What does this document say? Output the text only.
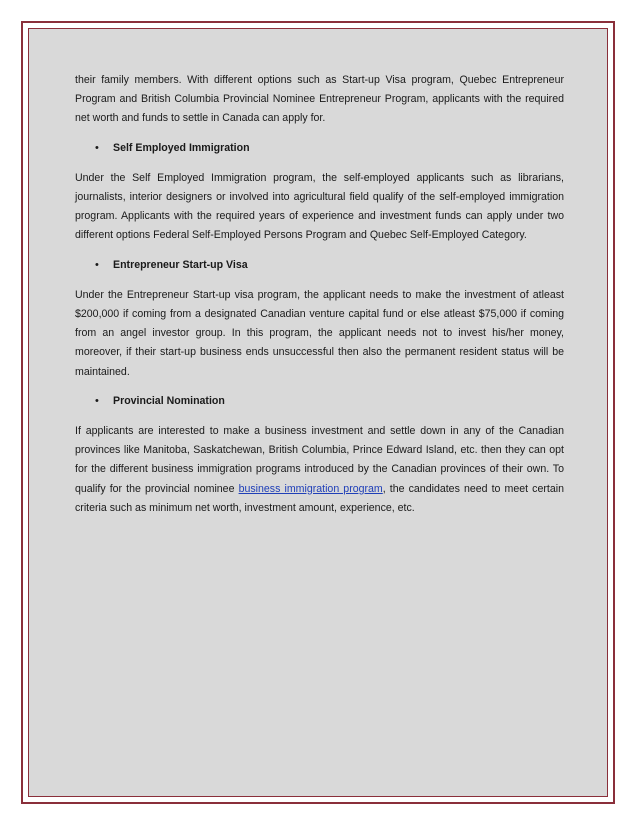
their family members. With different options such as Start-up Visa program, Quebec Entrepreneur Program and British Columbia Provincial Nominee Entrepreneur Program, applicants with the required net worth and funds to settle in Canada can apply for.

• Self Employed Immigration

Under the Self Employed Immigration program, the self-employed applicants such as librarians, journalists, interior designers or involved into agricultural field qualify of the self-employed immigration program. Applicants with the required years of experience and investment funds can apply under two different options Federal Self-Employed Persons Program and Quebec Self-Employed Category.

• Entrepreneur Start-up Visa

Under the Entrepreneur Start-up visa program, the applicant needs to make the investment of atleast $200,000 if coming from a designated Canadian venture capital fund or else atleast $75,000 if coming from an angel investor group. In this program, the applicant needs not to invest his/her money, moreover, if their start-up business ends unsuccessful then also the permanent resident status will be maintained.

• Provincial Nomination

If applicants are interested to make a business investment and settle down in any of the Canadian provinces like Manitoba, Saskatchewan, British Columbia, Prince Edward Island, etc. then they can opt for the different business immigration programs introduced by the Canadian provinces of their own. To qualify for the provincial nominee business immigration program, the candidates need to meet certain criteria such as minimum net worth, investment amount, experience, etc.
